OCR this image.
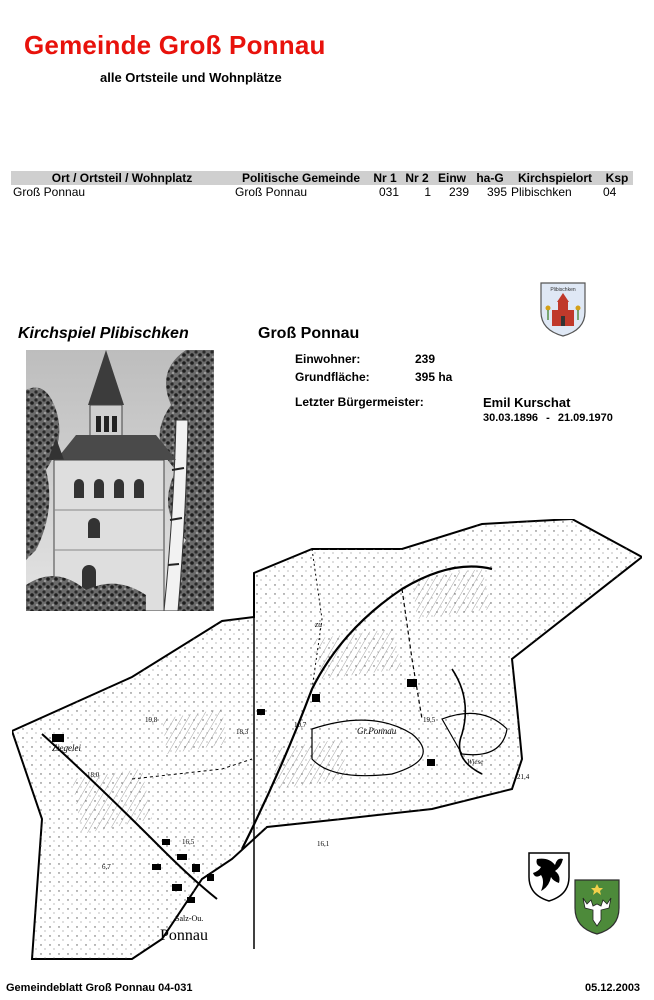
Gemeinde Groß Ponnau
alle Ortsteile und Wohnplätze
Ort / Ortsteil / Wohnplatz	Politische Gemeinde	Nr 1	Nr 2	Einw	ha-G	Kirchspielort	Ksp
Groß Ponnau	Groß Ponnau	031	1	239	395	Plibischken	04
Plibischken
Kirchspiel Plibischken	Groß Ponnau
Einwohner:	239
Grundfläche:	395 ha
Letzter Bürgermeister:	Emil Kurschat
30.03.1896 - 21.09.1970
Ziegelei
Gr.Ponnau
Ponnau
Salz-Ou.
zu
Wiese
19,8
18,0
18,3
10,7
19,5
21,4
16,5
6,7
16,1
Gemeindeblatt Groß Ponnau 04-031	05.12.2003
